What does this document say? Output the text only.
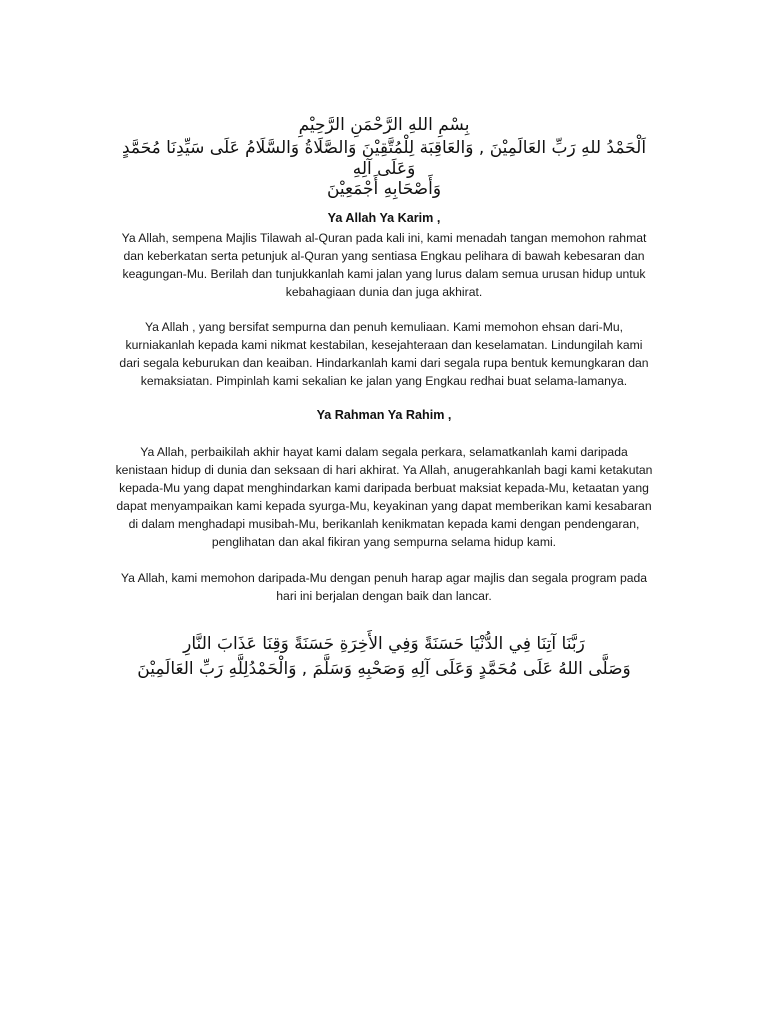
بِسْمِ اللهِ الرَّحْمَنِ الرَّحِيْمِ
اَلْحَمْدُ للهِ رَبِّ العَالَمِيْنَ , وَالعَاقِبَة لِلْمُتَّقِيْنَ وَالصَّلَاةُ وَالسَّلَامُ عَلَى سَيِّدِنَا مُحَمَّدٍ
وَعَلَى آلِهِ
وَأَصْحَابِهِ أَجْمَعِيْنَ

Ya Allah Ya Karim ,

Ya Allah, sempena Majlis Tilawah al-Quran pada kali ini, kami menadah tangan memohon rahmat dan keberkatan serta petunjuk al-Quran yang sentiasa Engkau pelihara di bawah kebesaran dan keagungan-Mu. Berilah dan tunjukkanlah kami jalan yang lurus dalam semua urusan hidup untuk kebahagiaan dunia dan juga akhirat.

Ya Allah , yang bersifat sempurna dan penuh kemuliaan. Kami memohon ehsan dari-Mu, kurniakanlah kepada kami nikmat kestabilan, kesejahteraan dan keselamatan. Lindungilah kami dari segala keburukan dan keaiban. Hindarkanlah kami dari segala rupa bentuk kemungkaran dan kemaksiatan. Pimpinlah kami sekalian ke jalan yang Engkau redhai buat selama-lamanya.

Ya Rahman Ya Rahim ,

Ya Allah, perbaikilah akhir hayat kami dalam segala perkara, selamatkanlah kami daripada kenistaan hidup di dunia dan seksaan di hari akhirat. Ya Allah, anugerahkanlah bagi kami ketakutan kepada-Mu yang dapat menghindarkan kami daripada berbuat maksiat kepada-Mu, ketaatan yang dapat menyampaikan kami kepada syurga-Mu, keyakinan yang dapat memberikan kami kesabaran di dalam menghadapi musibah-Mu, berikanlah kenikmatan kepada kami dengan pendengaran, penglihatan dan akal fikiran yang sempurna selama hidup kami.

Ya Allah, kami memohon daripada-Mu dengan penuh harap agar majlis dan segala program pada hari ini berjalan dengan baik dan lancar.

رَبَّنَا آتِنَا فِي الدُّنْيَا حَسَنَةً وَفِي الأَخِرَةِ حَسَنَةً وَقِنَا عَذَابَ النَّارِ
وَصَلَّى اللهُ عَلَى مُحَمَّدٍ وَعَلَى آلِهِ وَصَحْبِهِ وَسَلَّمَ , وَالْحَمْدُلِلَّهِ رَبِّ العَالَمِيْنَ
